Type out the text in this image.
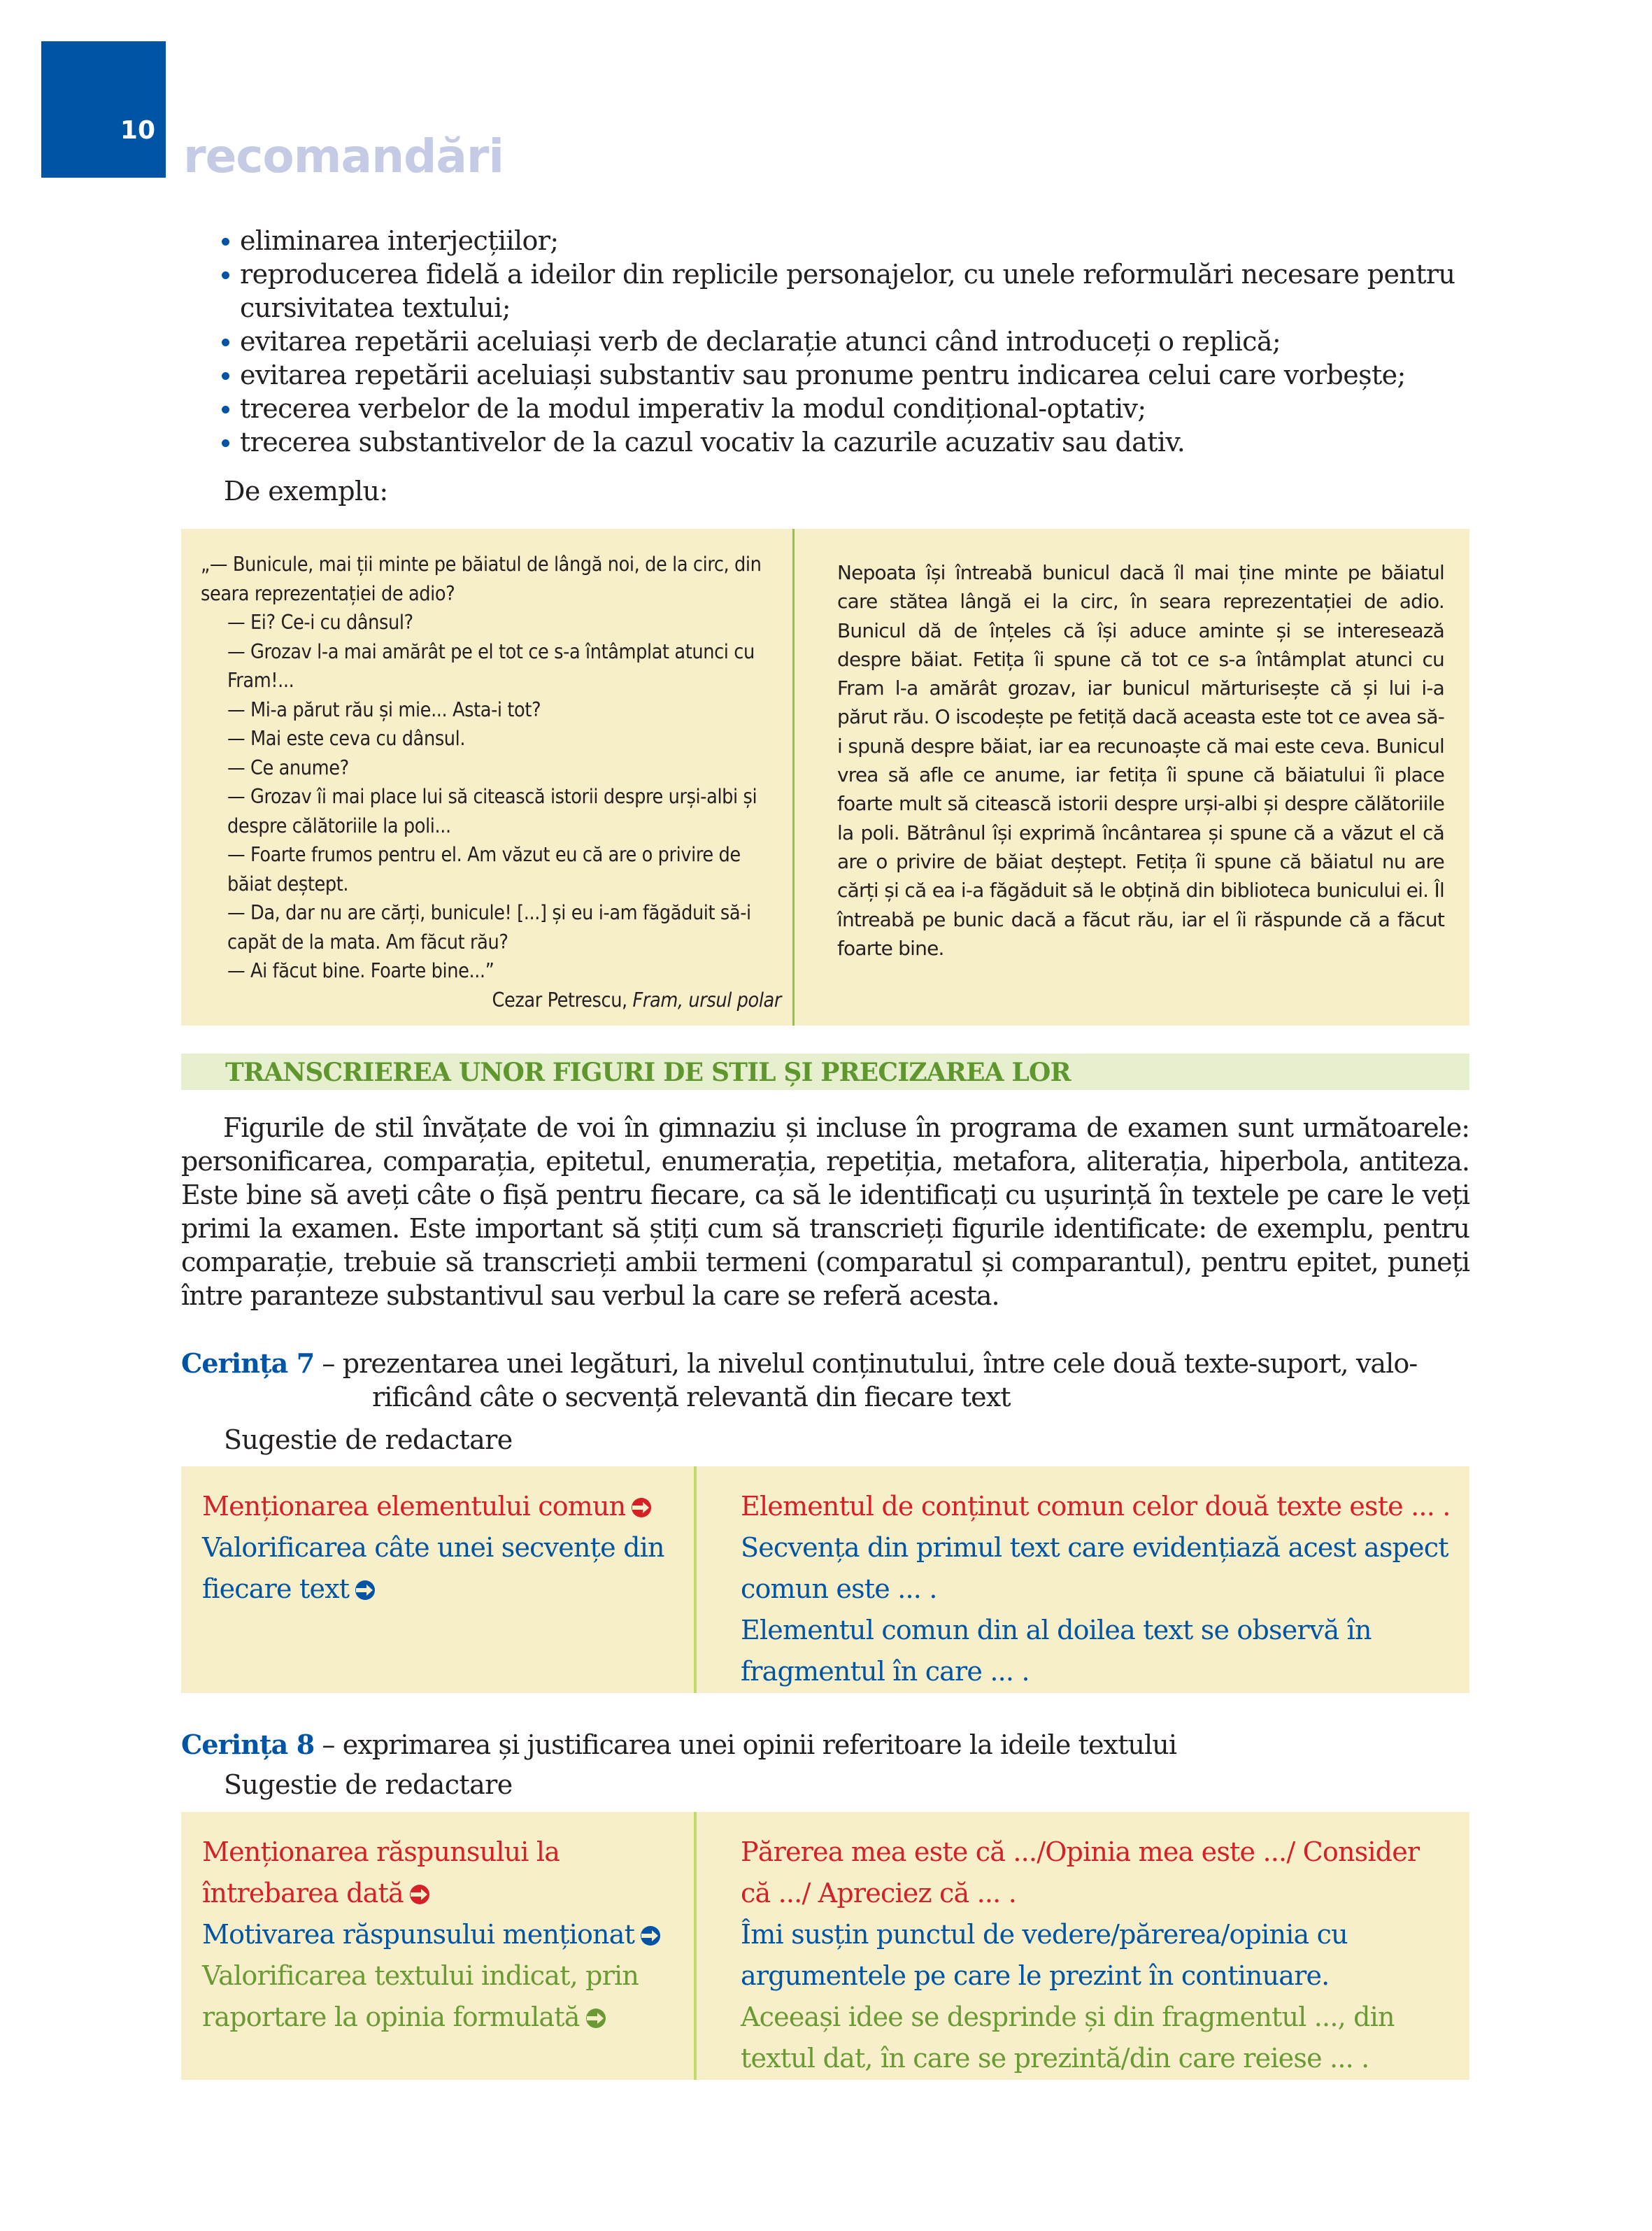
10 recomandări
eliminarea interjecțiilor;
reproducerea fidelă a ideilor din replicile personajelor, cu unele reformulări necesare pentru cursivitatea textului;
evitarea repetării aceluiași verb de declarație atunci când introduceți o replică;
evitarea repetării aceluiași substantiv sau pronume pentru indicarea celui care vorbește;
trecerea verbelor de la modul imperativ la modul condițional-optativ;
trecerea substantivelor de la cazul vocativ la cazurile acuzativ sau dativ.
De exemplu:
„— Bunicule, mai ții minte pe băiatul de lângă noi, de la circ, din seara reprezentației de adio?
— Ei? Ce-i cu dânsul?
— Grozav l-a mai amărât pe el tot ce s-a întâmplat atunci cu Fram!...
— Mi-a părut rău și mie... Asta-i tot?
— Mai este ceva cu dânsul.
— Ce anume?
— Grozav îi mai place lui să citească istorii despre urși-albi și despre călătoriile la poli...
— Foarte frumos pentru el. Am văzut eu că are o privire de băiat deștept.
— Da, dar nu are cărți, bunicule! [...] și eu i-am făgăduit să-i capăt de la mata. Am făcut rău?
— Ai făcut bine. Foarte bine...”
Cezar Petrescu, Fram, ursul polar
Nepoata își întreabă bunicul dacă îl mai ține minte pe băiatul care stătea lângă ei la circ, în seara reprezentației de adio. Bunicul dă de înțeles că își aduce aminte și se interesează despre băiat. Fetița îi spune că tot ce s-a întâmplat atunci cu Fram l-a amărât grozav, iar bunicul mărturisește că și lui i-a părut rău. O iscodește pe fetiță dacă aceasta este tot ce avea să-i spună despre băiat, iar ea recunoaște că mai este ceva. Bunicul vrea să afle ce anume, iar fetița îi spune că băiatului îi place foarte mult să citească istorii despre urși-albi și despre călătoriile la poli. Bătrânul își exprimă încântarea și spune că a văzut el că are o privire de băiat deștept. Fetița îi spune că băiatul nu are cărți și că ea i-a făgăduit să le obțină din biblioteca bunicului ei. Îl întreabă pe bunic dacă a făcut rău, iar el îi răspunde că a făcut foarte bine.
TRANSCRIEREA UNOR FIGURI DE STIL ȘI PRECIZAREA LOR
Figurile de stil învățate de voi în gimnaziu și incluse în programa de examen sunt următoarele: personificarea, comparația, epitetul, enumerația, repetiția, metafora, aliterația, hiperbola, antiteza. Este bine să aveți câte o fișă pentru fiecare, ca să le identificați cu ușurință în textele pe care le veți primi la examen. Este important să știți cum să transcrieți figurile identificate: de exemplu, pentru comparație, trebuie să transcrieți ambii termeni (comparatul și comparantul), pentru epitet, puneți între paranteze substantivul sau verbul la care se referă acesta.
Cerința 7 – prezentarea unei legături, la nivelul conținutului, între cele două texte-suport, valo-
rificând câte o secvență relevantă din fiecare text
Sugestie de redactare
Menționarea elementului comun
Valorificarea câte unei secvențe din fiecare text
Elementul de conținut comun celor două texte este ... .
Secvența din primul text care evidențiază acest aspect comun este ... .
Elementul comun din al doilea text se observă în fragmentul în care ... .
Cerința 8 – exprimarea și justificarea unei opinii referitoare la ideile textului
Sugestie de redactare
Menționarea răspunsului la întrebarea dată
Motivarea răspunsului menționat
Valorificarea textului indicat, prin raportare la opinia formulată
Părerea mea este că .../Opinia mea este .../ Consider că .../ Apreciez că ... .
Îmi susțin punctul de vedere/părerea/opinia cu argumentele pe care le prezint în continuare.
Aceeași idee se desprinde și din fragmentul ..., din textul dat, în care se prezintă/din care reiese ... .
